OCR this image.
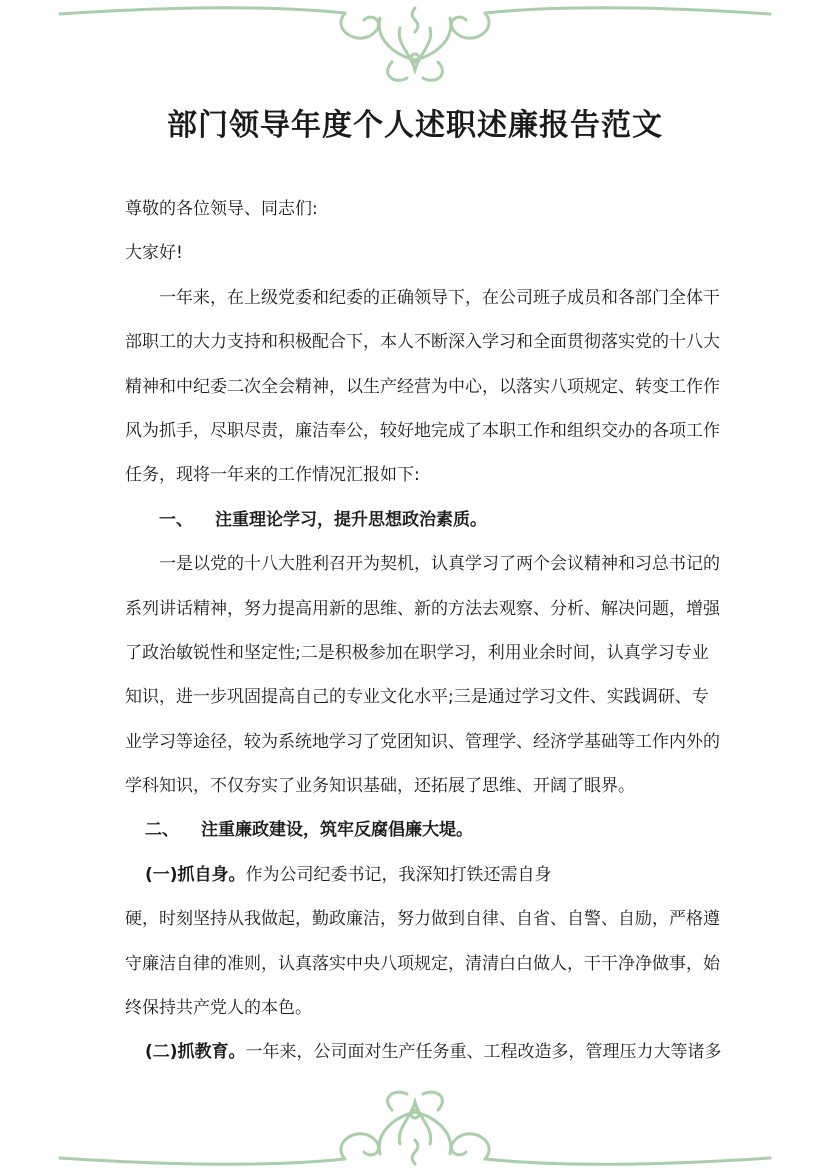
部门领导年度个人述职述廉报告范文
尊敬的各位领导、同志们:
大家好!
一年来，在上级党委和纪委的正确领导下，在公司班子成员和各部门全体干
部职工的大力支持和积极配合下，本人不断深入学习和全面贯彻落实党的十八大
精神和中纪委二次全会精神，以生产经营为中心，以落实八项规定、转变工作作
风为抓手，尽职尽责，廉洁奉公，较好地完成了本职工作和组织交办的各项工作
任务，现将一年来的工作情况汇报如下:
一、 注重理论学习，提升思想政治素质。
一是以党的十八大胜利召开为契机，认真学习了两个会议精神和习总书记的
系列讲话精神，努力提高用新的思维、新的方法去观察、分析、解决问题，增强
了政治敏锐性和坚定性;二是积极参加在职学习，利用业余时间，认真学习专业
知识，进一步巩固提高自己的专业文化水平;三是通过学习文件、实践调研、专
业学习等途径，较为系统地学习了党团知识、管理学、经济学基础等工作内外的
学科知识，不仅夯实了业务知识基础，还拓展了思维、开阔了眼界。
二、 注重廉政建设，筑牢反腐倡廉大堤。
(一)抓自身。作为公司纪委书记，我深知打铁还需自身
硬，时刻坚持从我做起，勤政廉洁，努力做到自律、自省、自警、自励，严格遵
守廉洁自律的准则，认真落实中央八项规定，清清白白做人，干干净净做事，始
终保持共产党人的本色。
(二)抓教育。一年来，公司面对生产任务重、工程改造多，管理压力大等诸多
